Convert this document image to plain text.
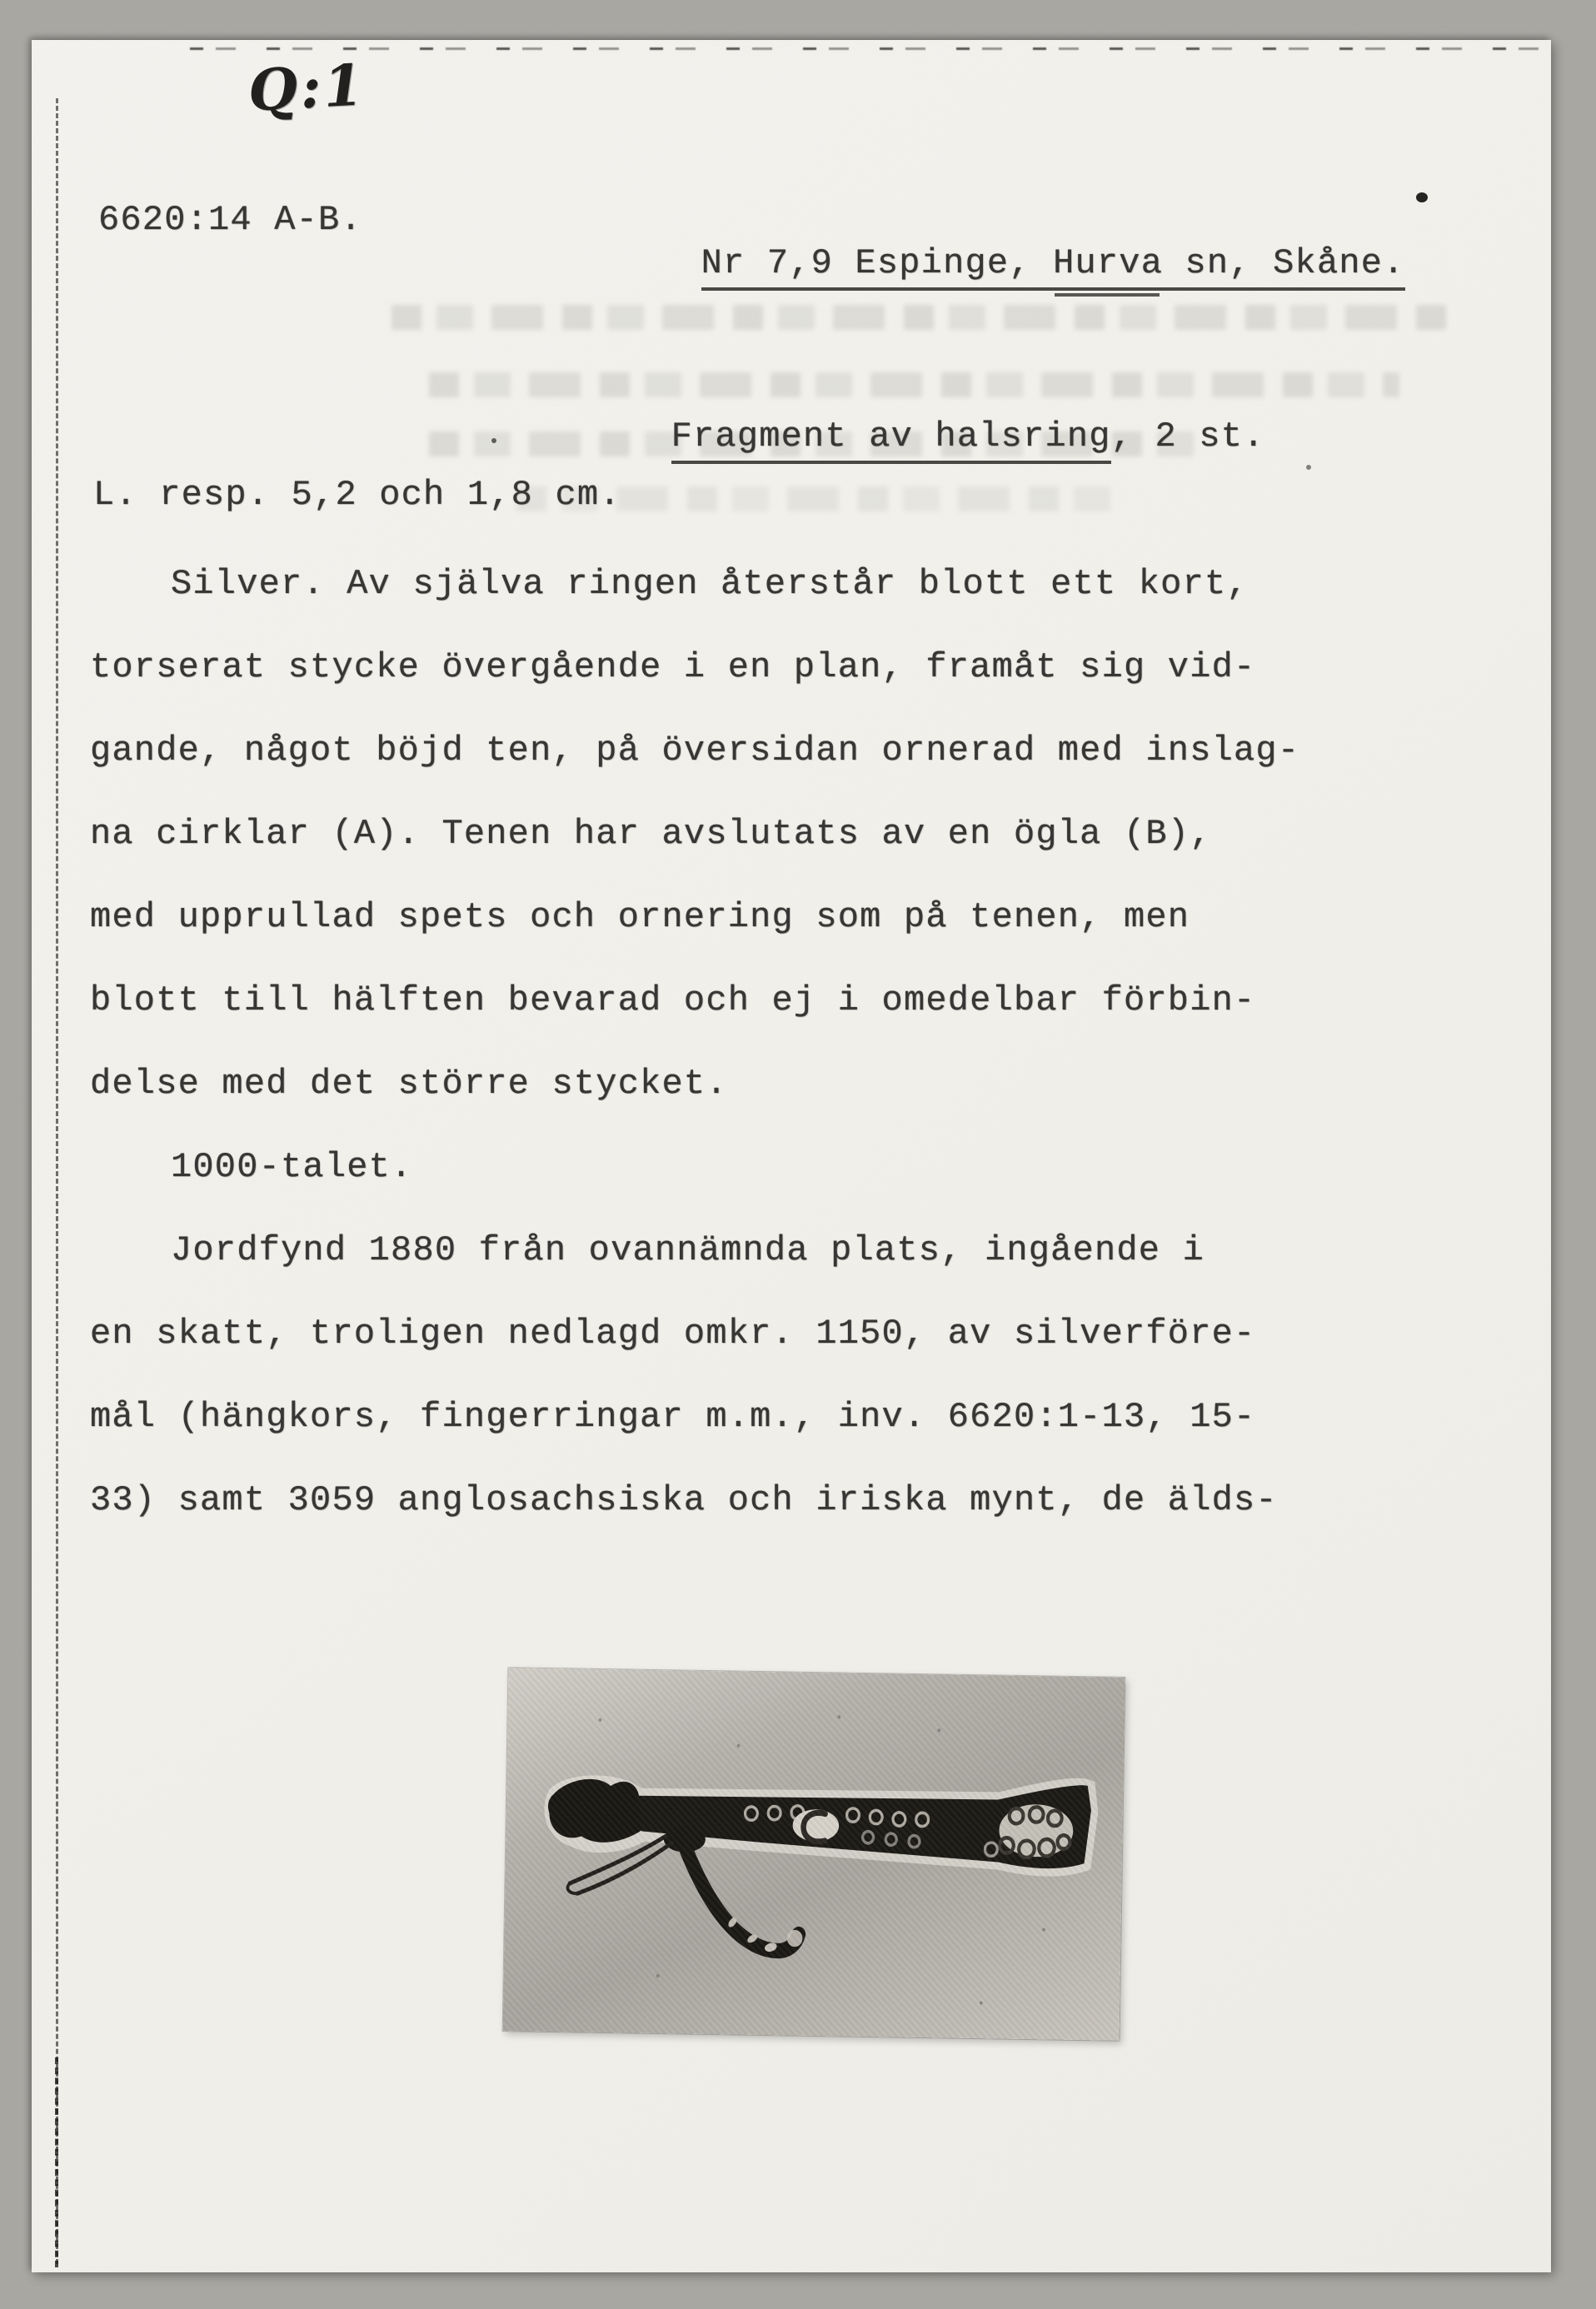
Q:1
6620:14 A-B.

Nr 7,9 Espinge, Hurva sn, Skåne.

Fragment av halsring, 2 st.

L. resp. 5,2 och 1,8 cm.
Silver. Av själva ringen återstår blott ett kort,
torserat stycke övergående i en plan, framåt sig vid-
gande, något böjd ten, på översidan ornerad med inslag-
na cirklar (A). Tenen har avslutats av en ögla (B),
med upprullad spets och ornering som på tenen, men
blott till hälften bevarad och ej i omedelbar förbin-
delse med det större stycket.
1000-talet.
Jordfynd 1880 från ovannämnda plats, ingående i
en skatt, troligen nedlagd omkr. 1150, av silverföre-
mål (hängkors, fingerringar m.m., inv. 6620:1-13, 15-
33) samt 3059 anglosachsiska och iriska mynt, de älds-
